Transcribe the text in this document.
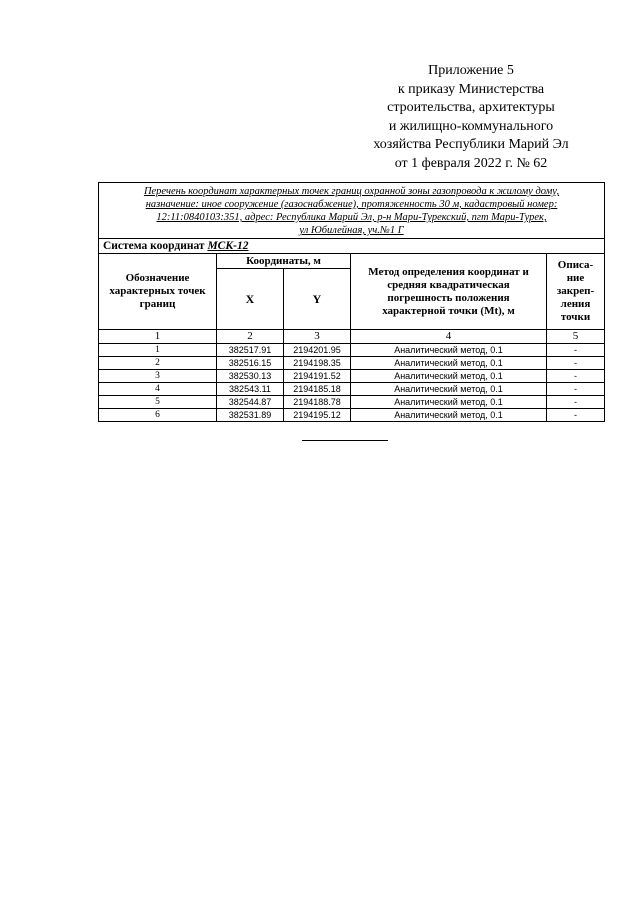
Приложение 5
к приказу Министерства
строительства, архитектуры
и жилищно-коммунального
хозяйства Республики Марий Эл
от 1 февраля 2022 г. № 62
Перечень координат характерных точек границ охранной зоны газопровода к жилому дому,
назначение: иное сооружение (газоснабжение), протяженность 30 м, кадастровый номер:
12:11:0840103:351, адрес: Республика Марий Эл, р-н Мари-Турекский, пгт Мари-Турек,
ул Юбилейная, уч.№1 Г				

Система координат МСК-12				
Обозначение характерных точек границ	Координаты, м		Метод определения координат и средняя квадратическая погрешность положения характерной точки (Mt), м	Описа-ние закреп-ления точки
	X	Y		
1	2	3	4	5
1	382517.91	2194201.95	Аналитический метод, 0.1	-
2	382516.15	2194198.35	Аналитический метод, 0.1	-
3	382530.13	2194191.52	Аналитический метод, 0.1	-
4	382543.11	2194185.18	Аналитический метод, 0.1	-
5	382544.87	2194188.78	Аналитический метод, 0.1	-
6	382531.89	2194195.12	Аналитический метод, 0.1	-
